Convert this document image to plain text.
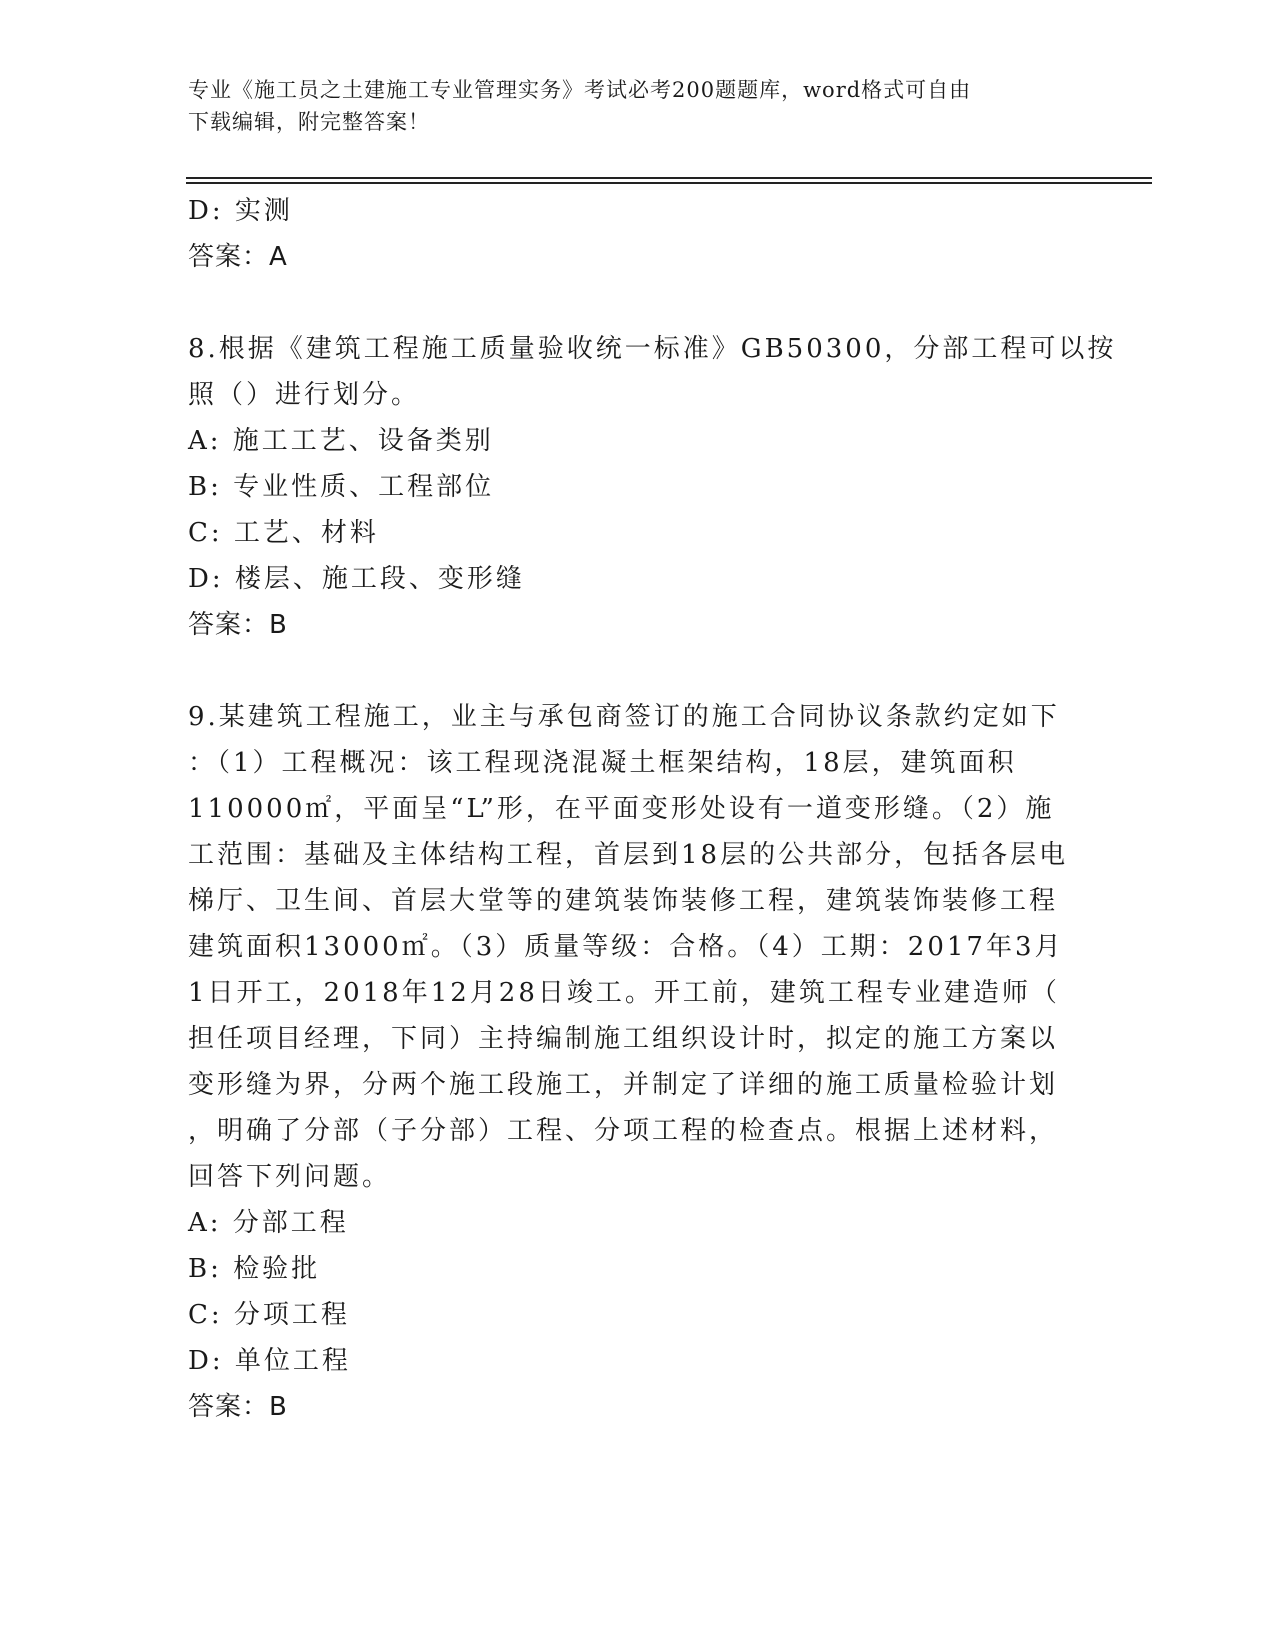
专业《施工员之土建施工专业管理实务》考试必考200题题库，word格式可自由
下载编辑，附完整答案！
D: 实测
答案：A
8.根据《建筑工程施工质量验收统一标准》GB50300，分部工程可以按
照（）进行划分。
A: 施工工艺、设备类别
B: 专业性质、工程部位
C: 工艺、材料
D: 楼层、施工段、变形缝
答案：B
9.某建筑工程施工，业主与承包商签订的施工合同协议条款约定如下
：（1）工程概况：该工程现浇混凝土框架结构，18层，建筑面积
110000㎡，平面呈“L”形，在平面变形处设有一道变形缝。（2）施
工范围：基础及主体结构工程，首层到18层的公共部分，包括各层电
梯厅、卫生间、首层大堂等的建筑装饰装修工程，建筑装饰装修工程
建筑面积13000㎡。（3）质量等级：合格。（4）工期：2017年3月
1日开工，2018年12月28日竣工。开工前，建筑工程专业建造师（
担任项目经理，下同）主持编制施工组织设计时，拟定的施工方案以
变形缝为界，分两个施工段施工，并制定了详细的施工质量检验计划
，明确了分部（子分部）工程、分项工程的检查点。根据上述材料，
回答下列问题。
A: 分部工程
B: 检验批
C: 分项工程
D: 单位工程
答案：B
